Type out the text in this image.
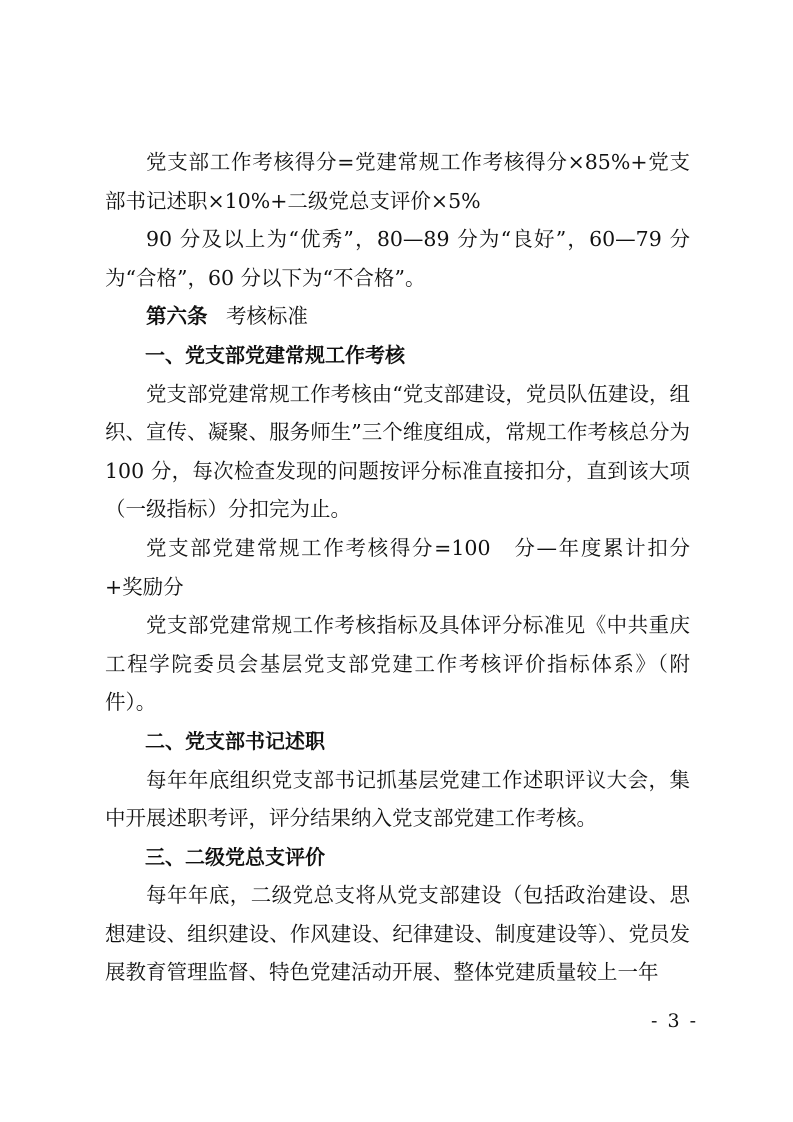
党支部工作考核得分=党建常规工作考核得分×85%+党支部书记述职×10%+二级党总支评价×5%

90 分及以上为“优秀”，80—89 分为“良好”，60—79 分为“合格”，60 分以下为“不合格”。

第六条 考核标准

一、党支部党建常规工作考核

党支部党建常规工作考核由“党支部建设，党员队伍建设，组织、宣传、凝聚、服务师生”三个维度组成，常规工作考核总分为 100 分，每次检查发现的问题按评分标准直接扣分，直到该大项（一级指标）分扣完为止。

党支部党建常规工作考核得分=100　分—年度累计扣分+奖励分

党支部党建常规工作考核指标及具体评分标准见《中共重庆工程学院委员会基层党支部党建工作考核评价指标体系》（附件）。

二、党支部书记述职

每年年底组织党支部书记抓基层党建工作述职评议大会，集中开展述职考评，评分结果纳入党支部党建工作考核。

三、二级党总支评价

每年年底，二级党总支将从党支部建设（包括政治建设、思想建设、组织建设、作风建设、纪律建设、制度建设等）、党员发展教育管理监督、特色党建活动开展、整体党建质量较上一年

- 3 -
